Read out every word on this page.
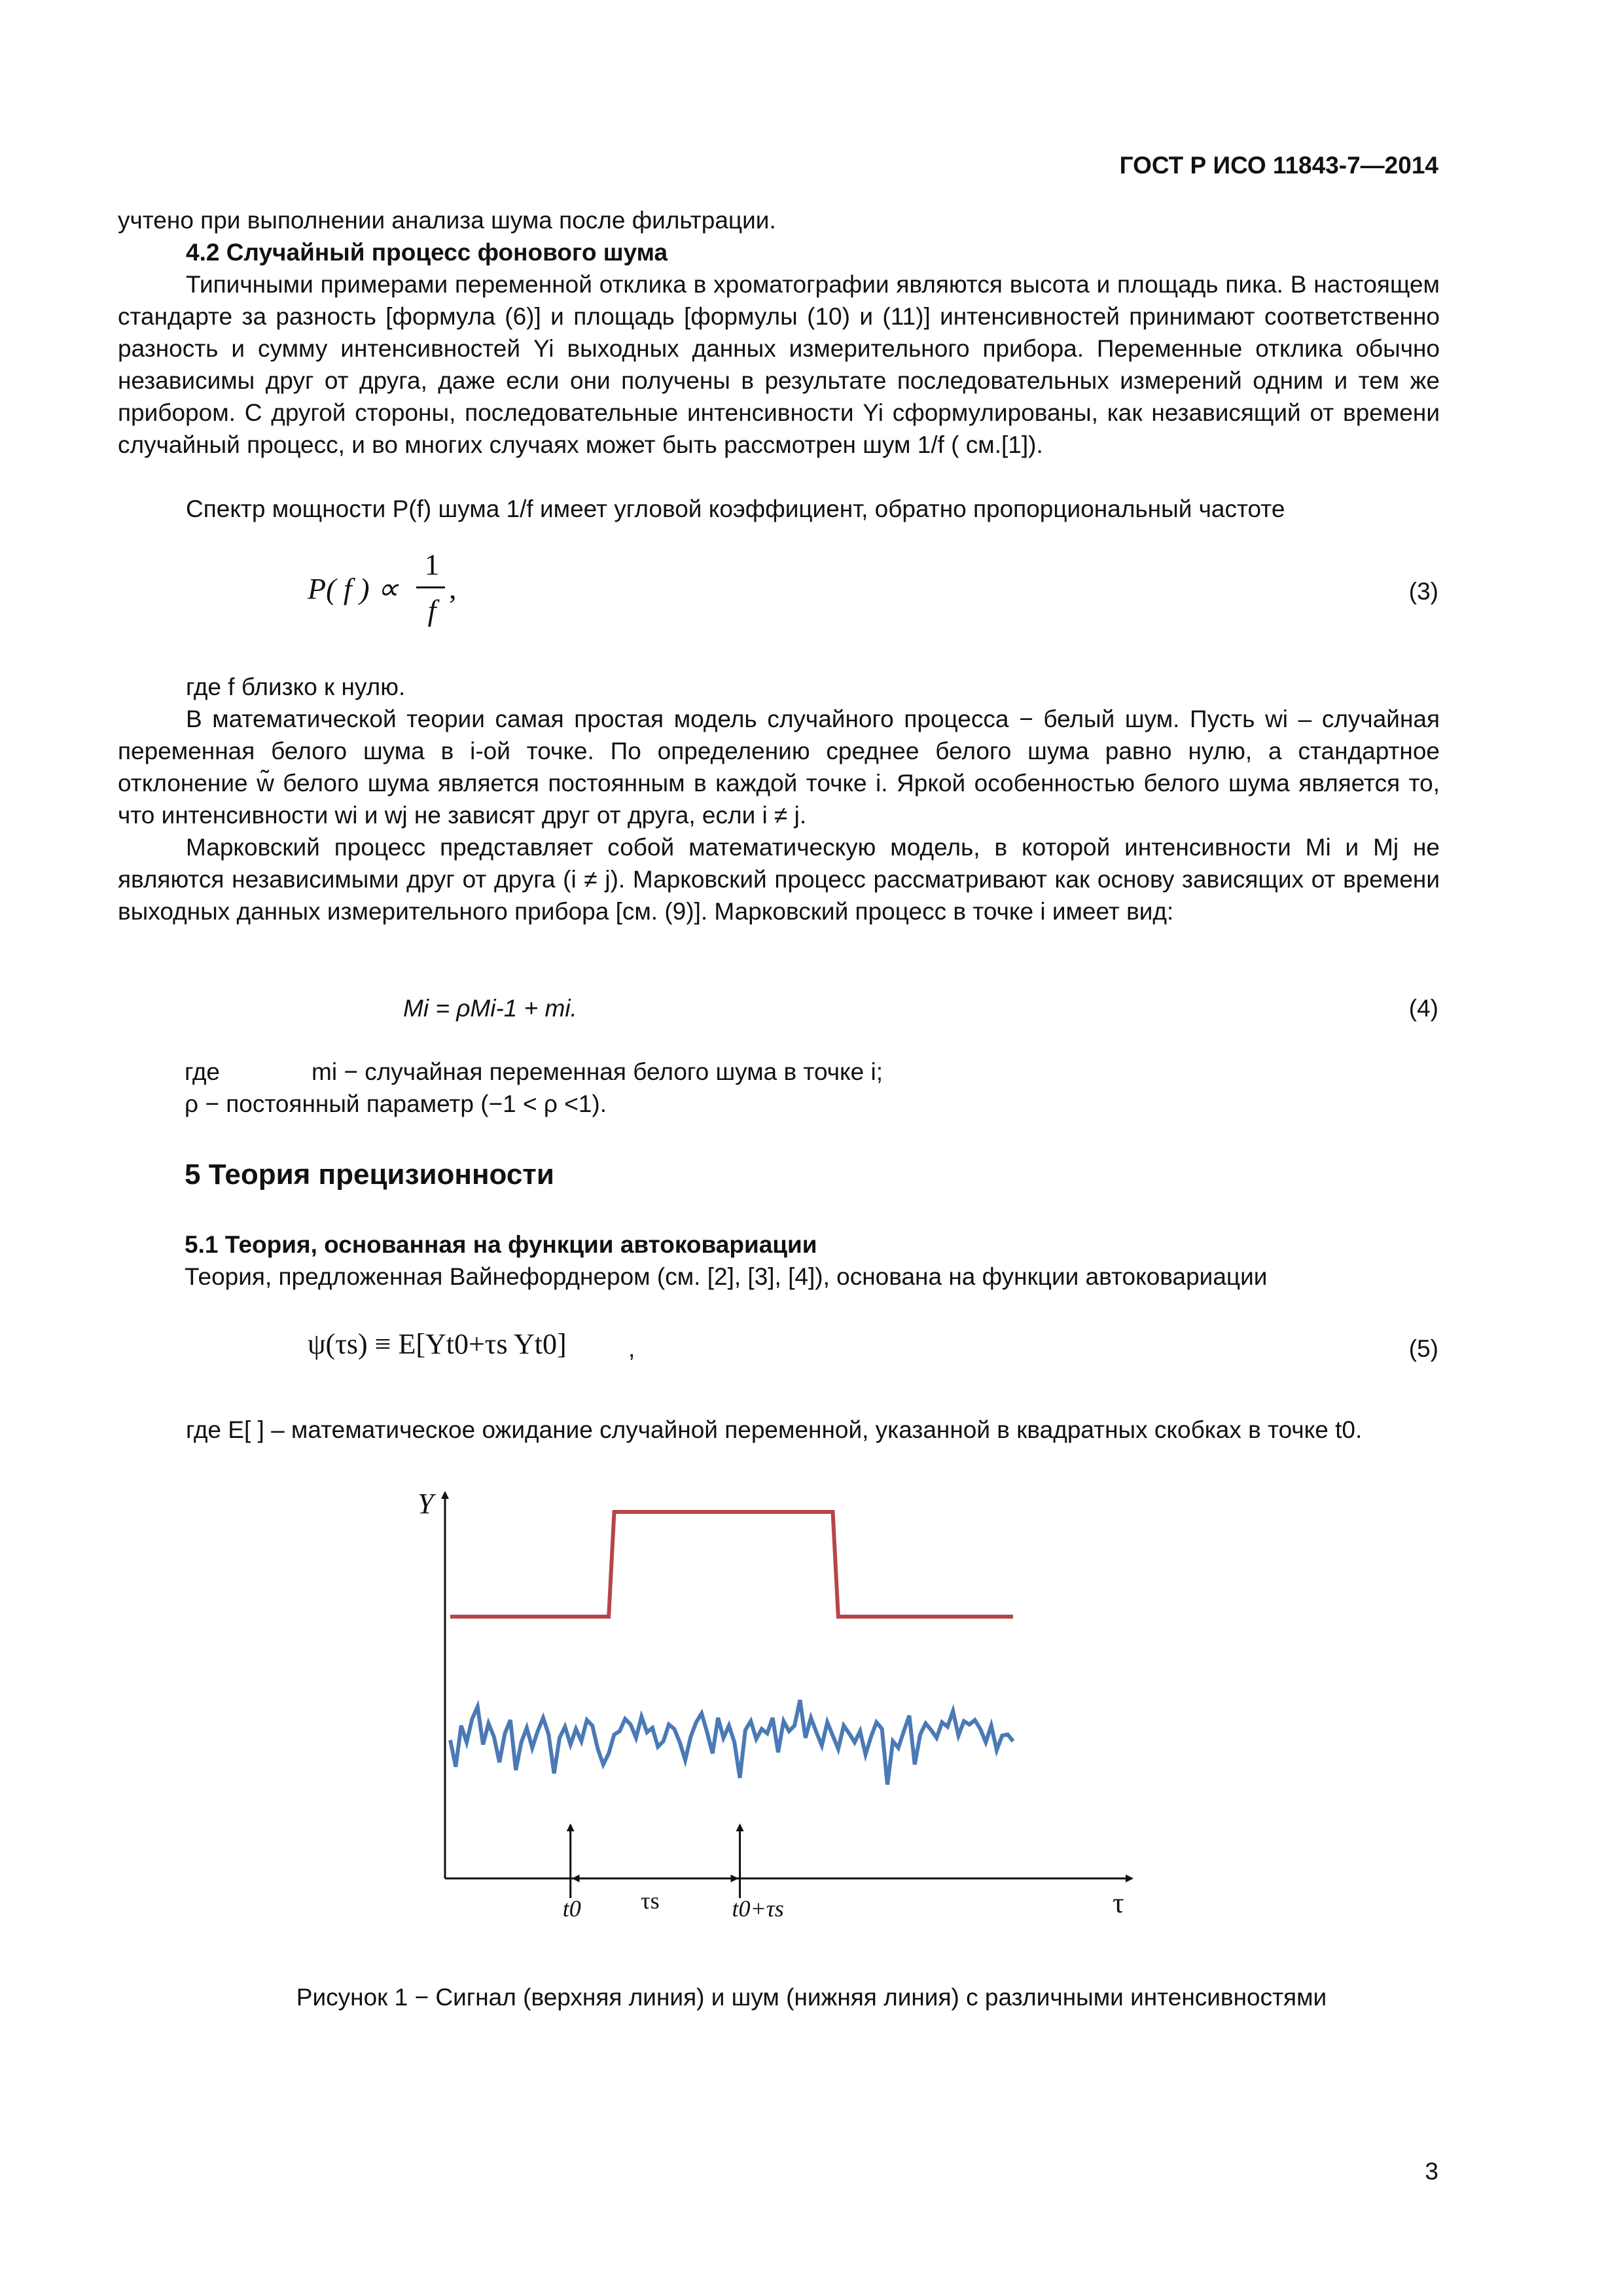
ГОСТ Р ИСО 11843-7—2014
учтено при выполнении анализа шума после фильтрации.
4.2 Случайный процесс фонового шума
Типичными примерами переменной отклика в хроматографии являются высота и площадь пика. В настоящем стандарте за разность [формула (6)] и площадь [формулы (10) и (11)] интенсивностей принимают соответственно разность и сумму интенсивностей Yi выходных данных измерительного прибора. Переменные отклика обычно независимы друг от друга, даже если они получены в результате последовательных измерений одним и тем же прибором. С другой стороны, последовательные интенсивности Yi сформулированы, как независящий от времени случайный процесс, и во многих случаях может быть рассмотрен шум 1/f ( см.[1]).
Спектр мощности P(f) шума 1/f имеет угловой коэффициент, обратно пропорциональный частоте
P( f ) ∝
1
f
,	(3)
где f близко к нулю.
В математической теории самая простая модель случайного процесса − белый шум. Пусть wi – случайная переменная белого шума в i-ой точке. По определению среднее белого шума равно нулю, а стандартное отклонение w̃ белого шума является постоянным в каждой точке i. Яркой особенностью белого шума является то, что интенсивности wi и wj не зависят друг от друга, если i ≠ j.
Марковский процесс представляет собой математическую модель, в которой интенсивности Mi и Mj не являются независимыми друг от друга (i ≠ j). Марковский процесс рассматривают как основу зависящих от времени выходных данных измерительного прибора [см. (9)]. Марковский процесс в точке i имеет вид:
Mi = ρMi-1 + mi.	(4)
где	mi − случайная переменная белого шума в точке i;
ρ − постоянный параметр (−1 < ρ <1).
5 Теория прецизионности
5.1 Теория, основанная на функции автоковариации
Теория, предложенная Вайнефорднером (см. [2], [3], [4]), основана на функции автоковариации
ψ(τs) ≡ E[Yt0+τs Yt0]	,	(5)
где E[ ] – математическое ожидание случайной переменной, указанной в квадратных скобках в точке t0.
Y
τ
t0	t0+τs
τs
Рисунок 1 − Сигнал (верхняя линия) и шум (нижняя линия) с различными интенсивностями
3
